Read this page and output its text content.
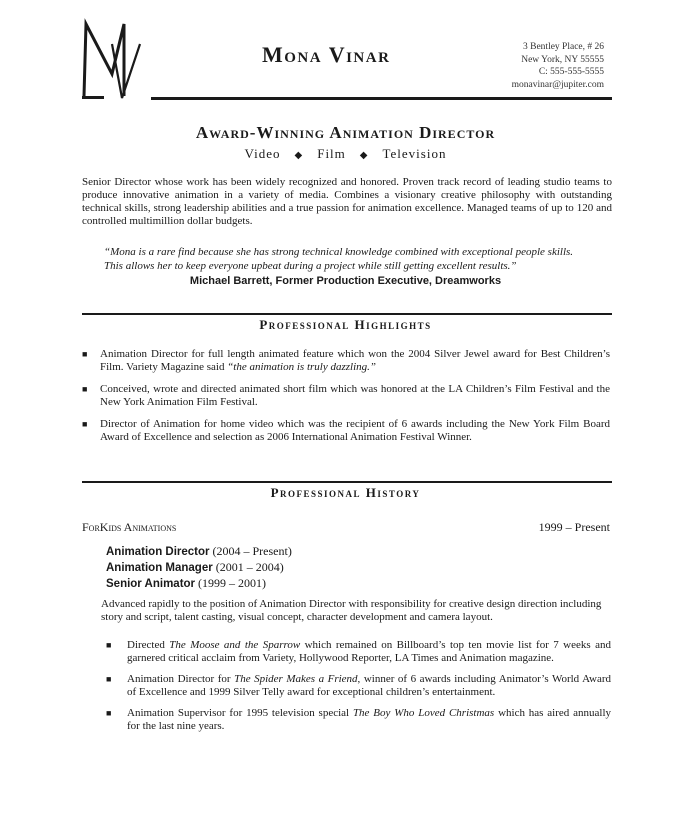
Mona Vinar	3 Bentley Place, # 26
New York, NY 55555
C: 555-555-5555
monavinar@jupiter.com
Award-Winning Animation Director
Video ◆ Film ◆ Television
Senior Director whose work has been widely recognized and honored. Proven track record of leading studio teams to produce innovative animation in a variety of media. Combines a visionary creative philosophy with outstanding technical skills, strong leadership abilities and a true passion for animation excellence. Managed teams of up to 120 and controlled multimillion dollar budgets.
“Mona is a rare find because she has strong technical knowledge combined with exceptional people skills. This allows her to keep everyone upbeat during a project while still getting excellent results.”
Michael Barrett, Former Production Executive, Dreamworks
Professional Highlights
■ Animation Director for full length animated feature which won the 2004 Silver Jewel award for Best Children’s Film. Variety Magazine said “the animation is truly dazzling.”
■ Conceived, wrote and directed animated short film which was honored at the LA Children’s Film Festival and the New York Animation Film Festival.
■ Director of Animation for home video which was the recipient of 6 awards including the New York Film Board Award of Excellence and selection as 2006 International Animation Festival Winner.
Professional History
ForKids Animations	1999 – Present
Animation Director (2004 – Present)
Animation Manager (2001 – 2004)
Senior Animator (1999 – 2001)
Advanced rapidly to the position of Animation Director with responsibility for creative design direction including story and script, talent casting, visual concept, character development and camera layout.
■ Directed The Moose and the Sparrow which remained on Billboard’s top ten movie list for 7 weeks and garnered critical acclaim from Variety, Hollywood Reporter, LA Times and Animation magazine.
■ Animation Director for The Spider Makes a Friend, winner of 6 awards including Animator’s World Award of Excellence and 1999 Silver Telly award for exceptional children’s entertainment.
■ Animation Supervisor for 1995 television special The Boy Who Loved Christmas which has aired annually for the last nine years.
